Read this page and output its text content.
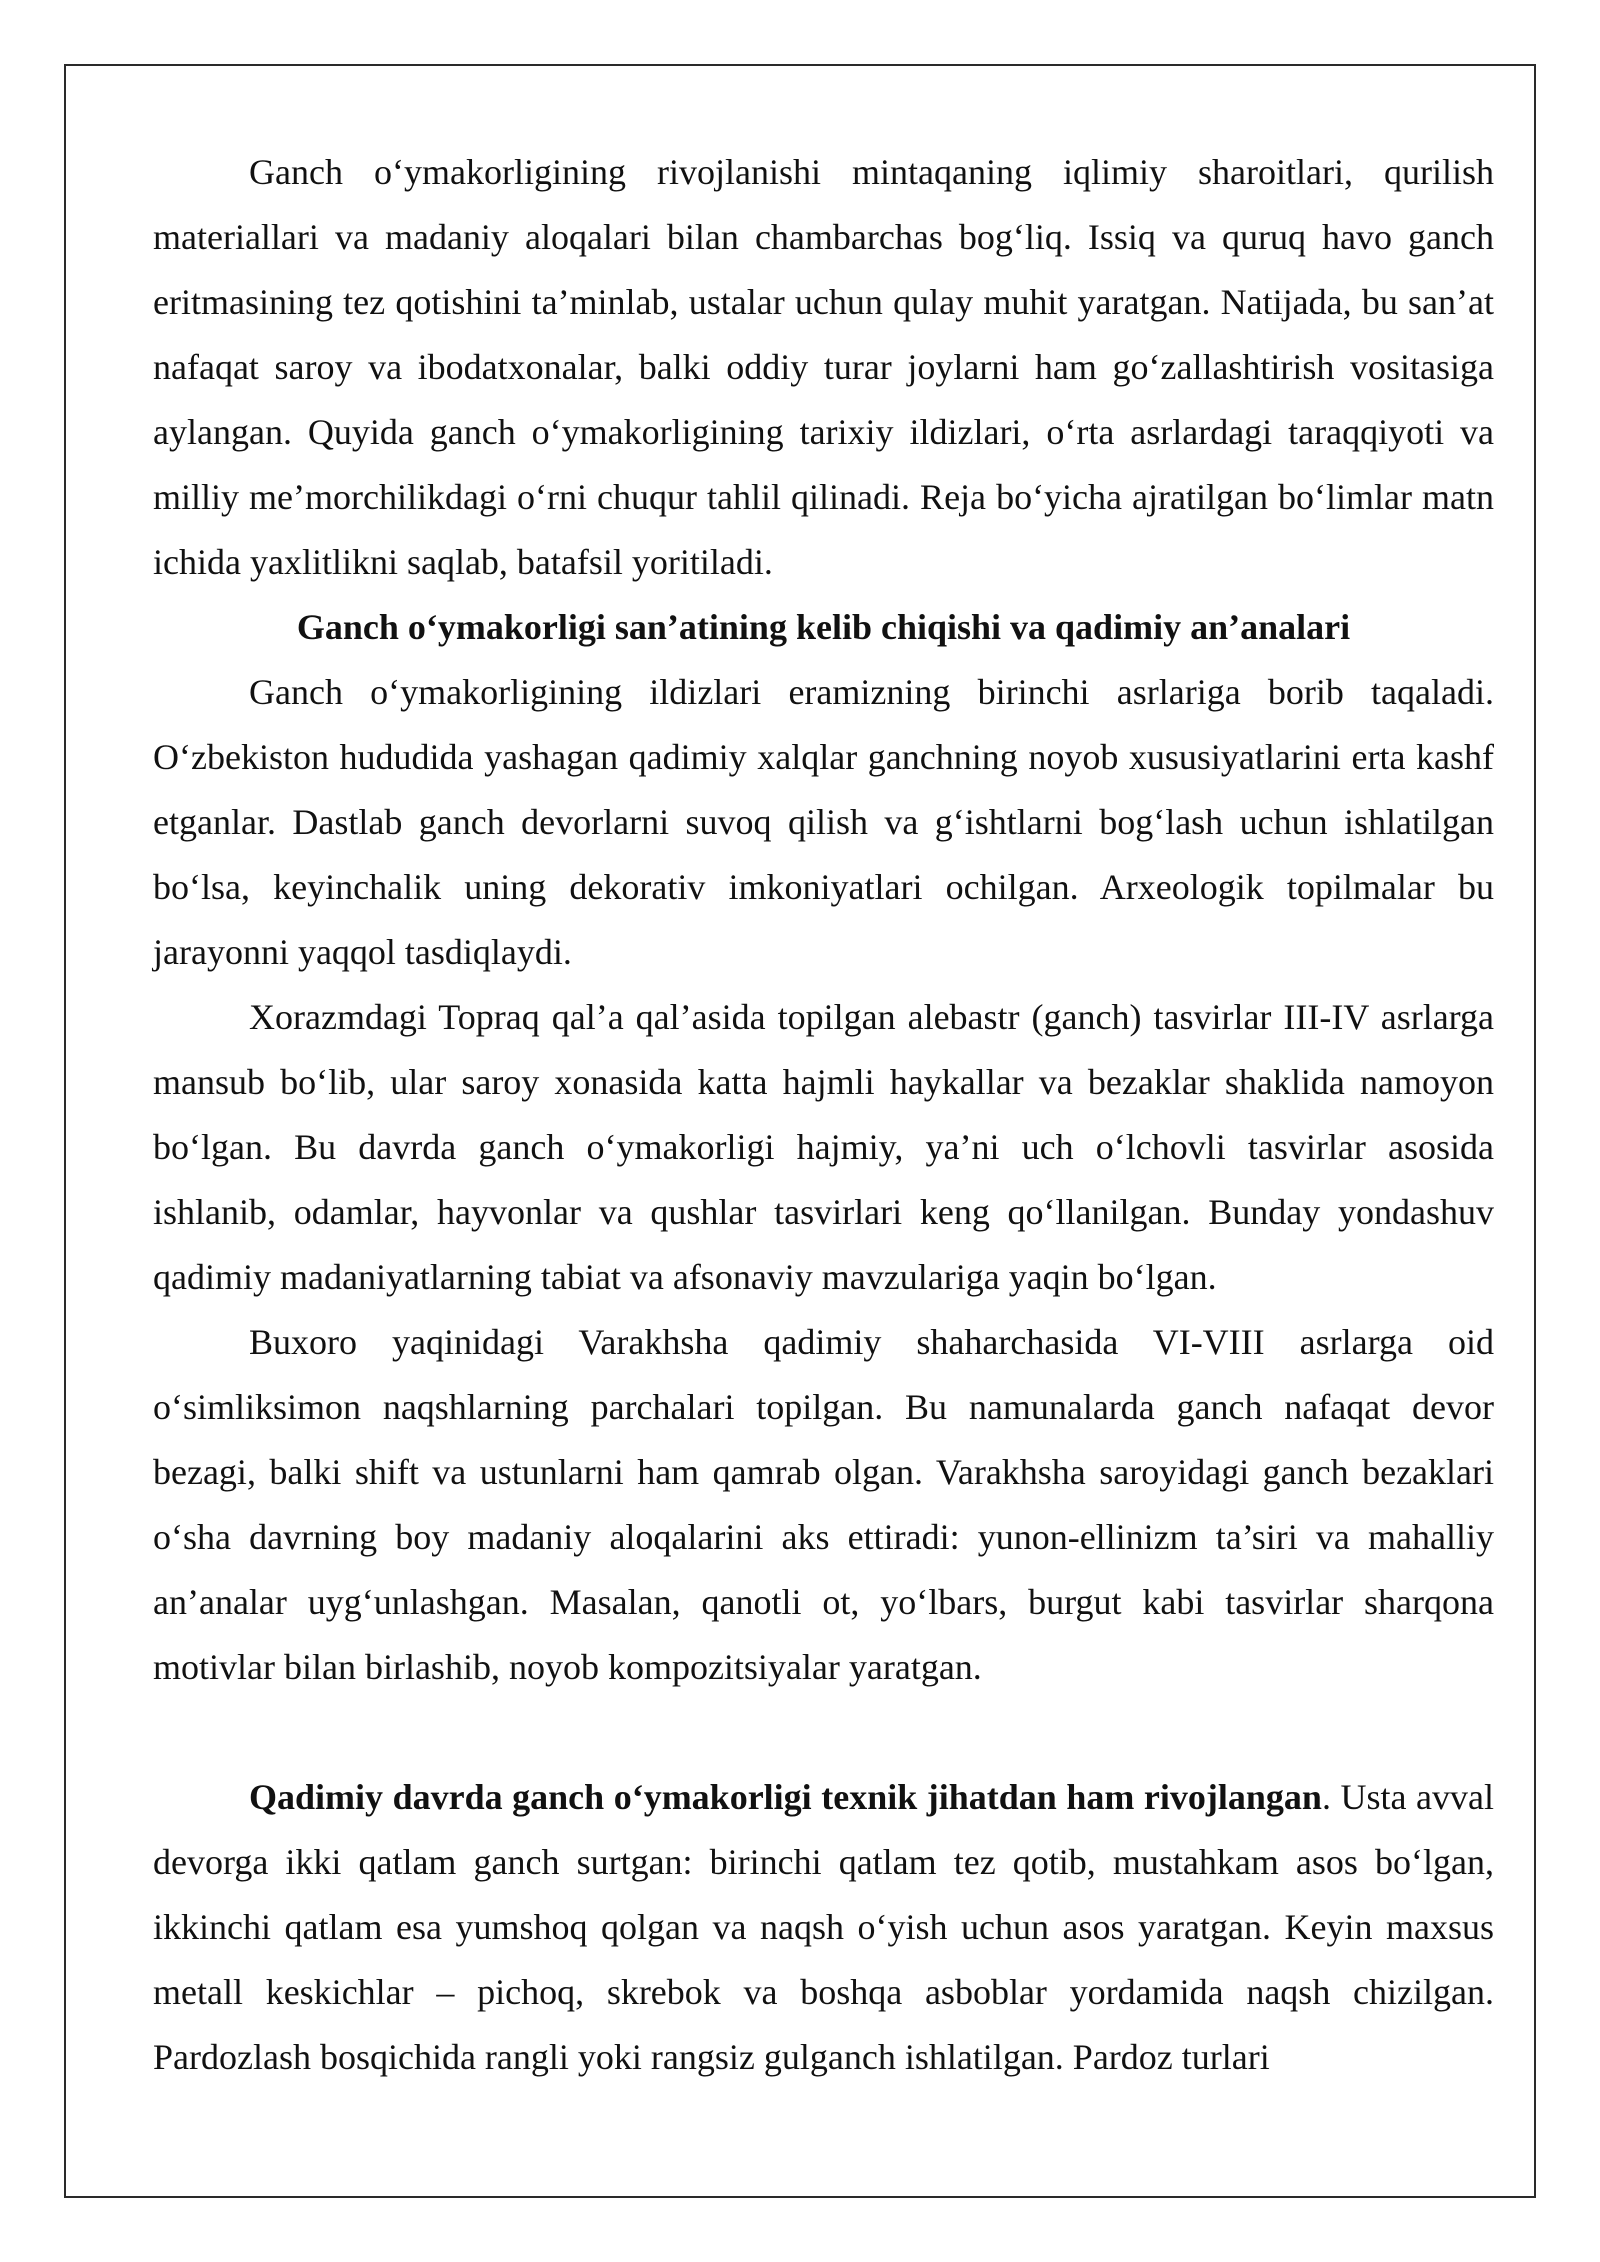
Ganch o‘ymakorligining rivojlanishi mintaqaning iqlimiy sharoitlari, qurilish materiallari va madaniy aloqalari bilan chambarchas bog‘liq. Issiq va quruq havo ganch eritmasining tez qotishini ta’minlab, ustalar uchun qulay muhit yaratgan. Natijada, bu san’at nafaqat saroy va ibodatxonalar, balki oddiy turar joylarni ham go‘zallashtirish vositasiga aylangan. Quyida ganch o‘ymakorligining tarixiy ildizlari, o‘rta asrlardagi taraqqiyoti va milliy me’morchilikdagi o‘rni chuqur tahlil qilinadi. Reja bo‘yicha ajratilgan bo‘limlar matn ichida yaxlitlikni saqlab, batafsil yoritiladi.

Ganch o‘ymakorligi san’atining kelib chiqishi va qadimiy an’analari

Ganch o‘ymakorligining ildizlari eramizning birinchi asrlariga borib taqaladi. O‘zbekiston hududida yashagan qadimiy xalqlar ganchning noyob xususiyatlarini erta kashf etganlar. Dastlab ganch devorlarni suvoq qilish va g‘ishtlarni bog‘lash uchun ishlatilgan bo‘lsa, keyinchalik uning dekorativ imkoniyatlari ochilgan. Arxeologik topilmalar bu jarayonni yaqqol tasdiqlaydi.

Xorazmdagi Topraq qal’a qal’asida topilgan alebastr (ganch) tasvirlar III-IV asrlarga mansub bo‘lib, ular saroy xonasida katta hajmli haykallar va bezaklar shaklida namoyon bo‘lgan. Bu davrda ganch o‘ymakorligi hajmiy, ya’ni uch o‘lchovli tasvirlar asosida ishlanib, odamlar, hayvonlar va qushlar tasvirlari keng qo‘llanilgan. Bunday yondashuv qadimiy madaniyatlarning tabiat va afsonaviy mavzulariga yaqin bo‘lgan.

Buxoro yaqinidagi Varakhsha qadimiy shaharchasida VI-VIII asrlarga oid o‘simliksimon naqshlarning parchalari topilgan. Bu namunalarda ganch nafaqat devor bezagi, balki shift va ustunlarni ham qamrab olgan. Varakhsha saroyidagi ganch bezaklari o‘sha davrning boy madaniy aloqalarini aks ettiradi: yunon-ellinizm ta’siri va mahalliy an’analar uyg‘unlashgan. Masalan, qanotli ot, yo‘lbars, burgut kabi tasvirlar sharqona motivlar bilan birlashib, noyob kompozitsiyalar yaratgan.

Qadimiy davrda ganch o‘ymakorligi texnik jihatdan ham rivojlangan. Usta avval devorga ikki qatlam ganch surtgan: birinchi qatlam tez qotib, mustahkam asos bo‘lgan, ikkinchi qatlam esa yumshoq qolgan va naqsh o‘yish uchun asos yaratgan. Keyin maxsus metall keskichlar – pichoq, skrebok va boshqa asboblar yordamida naqsh chizilgan. Pardozlash bosqichida rangli yoki rangsiz gulganch ishlatilgan. Pardoz turlari
